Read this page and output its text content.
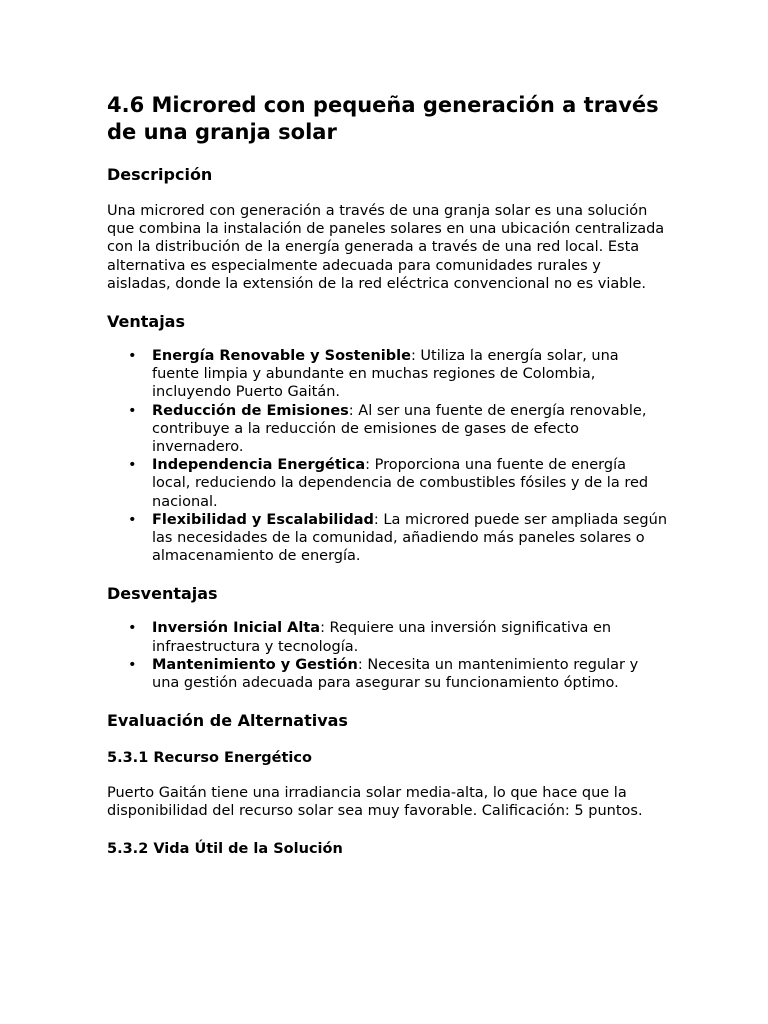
4.6 Microred con pequeña generación a través de una granja solar
Descripción

Una microred con generación a través de una granja solar es una solución que combina la instalación de paneles solares en una ubicación centralizada con la distribución de la energía generada a través de una red local. Esta alternativa es especialmente adecuada para comunidades rurales y aisladas, donde la extensión de la red eléctrica convencional no es viable.

Ventajas
• Energía Renovable y Sostenible: Utiliza la energía solar, una fuente limpia y abundante en muchas regiones de Colombia, incluyendo Puerto Gaitán.
• Reducción de Emisiones: Al ser una fuente de energía renovable, contribuye a la reducción de emisiones de gases de efecto invernadero.
• Independencia Energética: Proporciona una fuente de energía local, reduciendo la dependencia de combustibles fósiles y de la red nacional.
• Flexibilidad y Escalabilidad: La microred puede ser ampliada según las necesidades de la comunidad, añadiendo más paneles solares o almacenamiento de energía.
Desventajas
• Inversión Inicial Alta: Requiere una inversión significativa en infraestructura y tecnología.
• Mantenimiento y Gestión: Necesita un mantenimiento regular y una gestión adecuada para asegurar su funcionamiento óptimo.
Evaluación de Alternativas
5.3.1 Recurso Energético

Puerto Gaitán tiene una irradiancia solar media-alta, lo que hace que la disponibilidad del recurso solar sea muy favorable. Calificación: 5 puntos.

5.3.2 Vida Útil de la Solución
